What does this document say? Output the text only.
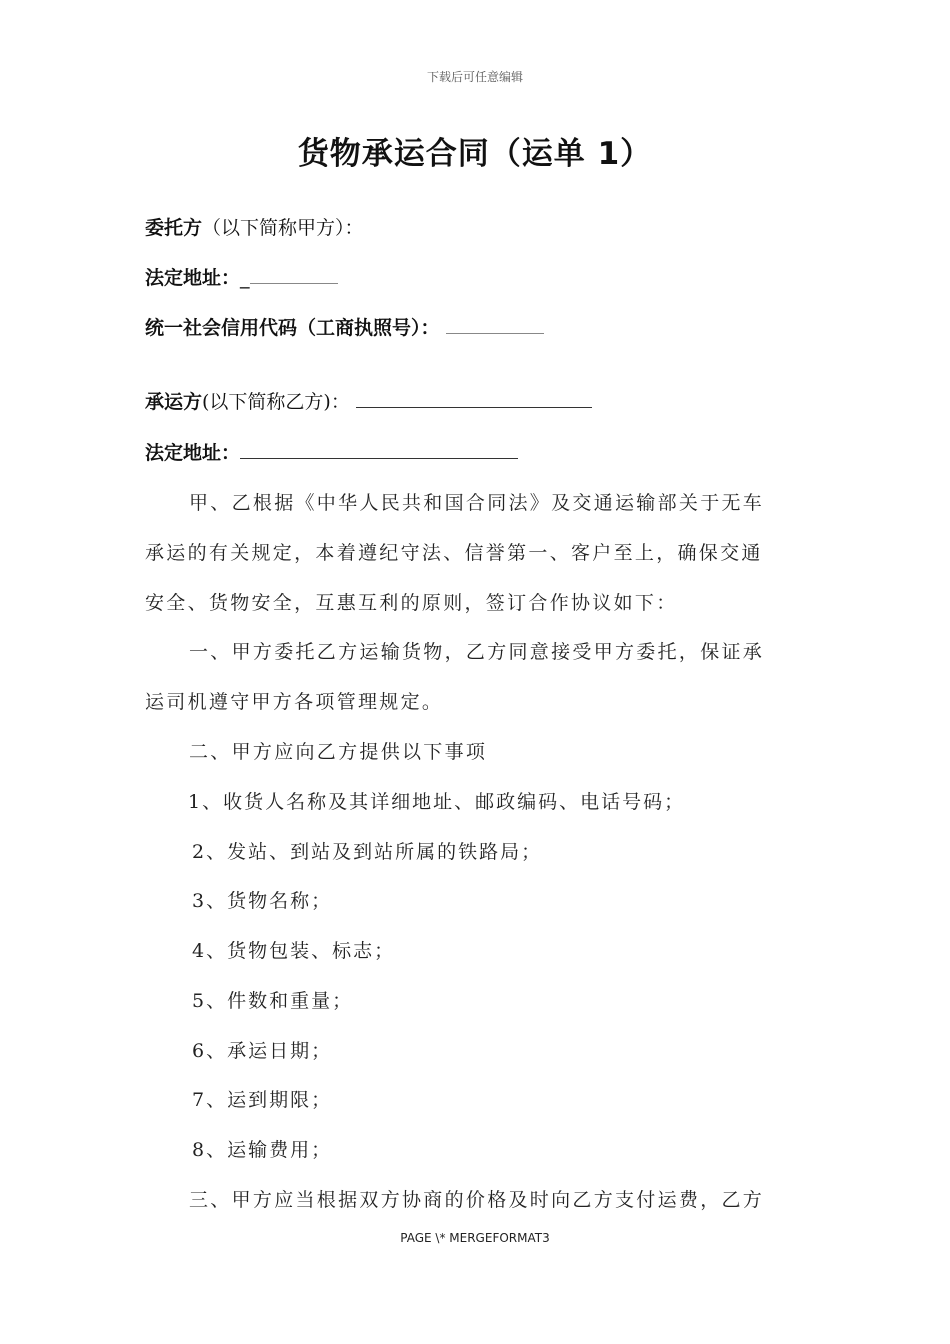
下载后可任意编辑
货物承运合同（运单 1）
委托方（以下简称甲方）：
法定地址：_
统一社会信用代码（工商执照号）：
承运方(以下简称乙方)：
法定地址：
甲、乙根据《中华人民共和国合同法》及交通运输部关于无车
承运的有关规定，本着遵纪守法、信誉第一、客户至上，确保交通
安全、货物安全，互惠互利的原则，签订合作协议如下：
一、甲方委托乙方运输货物，乙方同意接受甲方委托，保证承
运司机遵守甲方各项管理规定。
二、甲方应向乙方提供以下事项
1、收货人名称及其详细地址、邮政编码、电话号码；
2、发站、到站及到站所属的铁路局；
3、货物名称；
4、货物包装、标志；
5、件数和重量；
6、承运日期；
7、运到期限；
8、运输费用；
三、甲方应当根据双方协商的价格及时向乙方支付运费，乙方
PAGE \* MERGEFORMAT3
